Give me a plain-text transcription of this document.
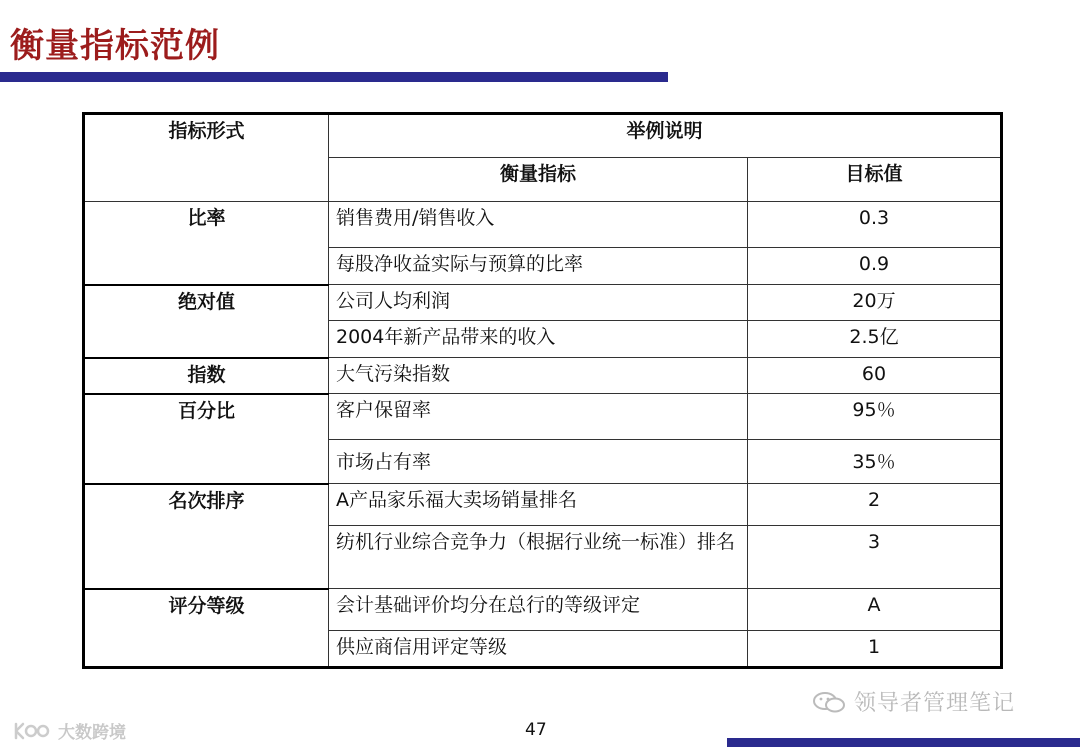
衡量指标范例
指标形式	举例说明	
	衡量指标	目标值
比率	销售费用/销售收入	0.3
	每股净收益实际与预算的比率	0.9
绝对值	公司人均利润	20万
	2004年新产品带来的收入	2.5亿
指数	大气污染指数	60
百分比	客户保留率	95％
	市场占有率	35％
名次排序	A产品家乐福大卖场销量排名	2
	纺机行业综合竞争力（根据行业统一标准）排名	3
评分等级	会计基础评价均分在总行的等级评定	A
	供应商信用评定等级	1
领导者管理笔记
大数跨境	47
